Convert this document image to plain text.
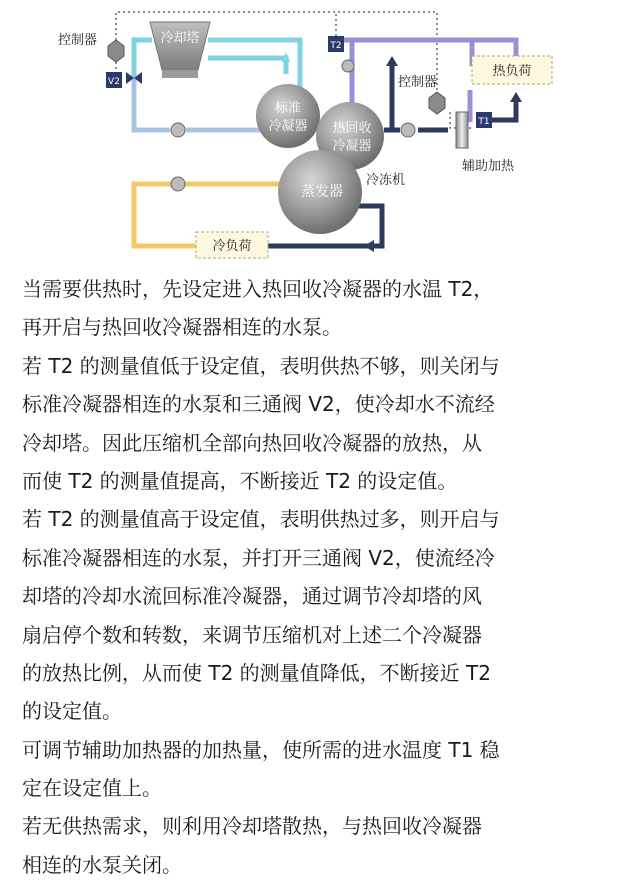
冷却塔
控制器
V2
T2
控制器
热负荷
T1
辅助加热
标准
冷凝器 热回收
冷凝器
蒸发器
冷冻机
冷负荷
当需要供热时，先设定进入热回收冷凝器的水温 T2，
再开启与热回收冷凝器相连的水泵。
若 T2 的测量值低于设定值，表明供热不够，则关闭与
标准冷凝器相连的水泵和三通阀 V2，使冷却水不流经
冷却塔。因此压缩机全部向热回收冷凝器的放热，从
而使 T2 的测量值提高，不断接近 T2 的设定值。
若 T2 的测量值高于设定值，表明供热过多，则开启与
标准冷凝器相连的水泵，并打开三通阀 V2，使流经冷
却塔的冷却水流回标准冷凝器，通过调节冷却塔的风
扇启停个数和转数，来调节压缩机对上述二个冷凝器
的放热比例，从而使 T2 的测量值降低，不断接近 T2
的设定值。
可调节辅助加热器的加热量，使所需的进水温度 T1 稳
定在设定值上。
若无供热需求，则利用冷却塔散热，与热回收冷凝器
相连的水泵关闭。
